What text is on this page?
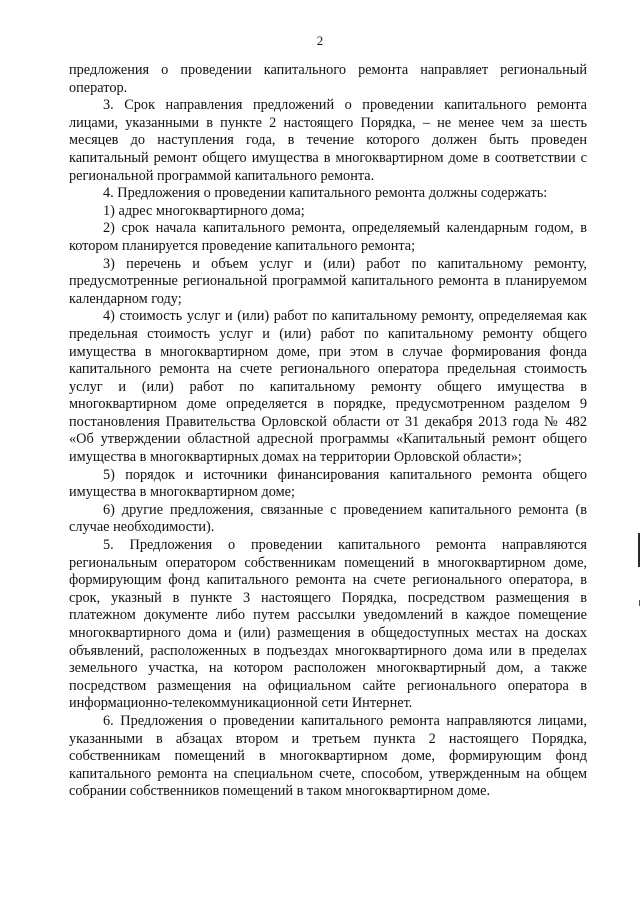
2

предложения о проведении капитального ремонта направляет региональный оператор.

3. Срок направления предложений о проведении капитального ремонта лицами, указанными в пункте 2 настоящего Порядка, – не менее чем за шесть месяцев до наступления года, в течение которого должен быть проведен капитальный ремонт общего имущества в многоквартирном доме в соответствии с региональной программой капитального ремонта.

4. Предложения о проведении капитального ремонта должны содержать:

1) адрес многоквартирного дома;

2) срок начала капитального ремонта, определяемый календарным годом, в котором планируется проведение капитального ремонта;

3) перечень и объем услуг и (или) работ по капитальному ремонту, предусмотренные региональной программой капитального ремонта в планируемом календарном году;

4) стоимость услуг и (или) работ по капитальному ремонту, определяемая как предельная стоимость услуг и (или) работ по капитальному ремонту общего имущества в многоквартирном доме, при этом в случае формирования фонда капитального ремонта на счете регионального оператора предельная стоимость услуг и (или) работ по капитальному ремонту общего имущества в многоквартирном доме определяется в порядке, предусмотренном разделом 9 постановления Правительства Орловской области от 31 декабря 2013 года № 482 «Об утверждении областной адресной программы «Капитальный ремонт общего имущества в многоквартирных домах на территории Орловской области»;

5) порядок и источники финансирования капитального ремонта общего имущества в многоквартирном доме;

6) другие предложения, связанные с проведением капитального ремонта (в случае необходимости).

5. Предложения о проведении капитального ремонта направляются региональным оператором собственникам помещений в многоквартирном доме, формирующим фонд капитального ремонта на счете регионального оператора, в срок, указный в пункте 3 настоящего Порядка, посредством размещения в платежном документе либо путем рассылки уведомлений в каждое помещение многоквартирного дома и (или) размещения в общедоступных местах на досках объявлений, расположенных в подъездах многоквартирного дома или в пределах земельного участка, на котором расположен многоквартирный дом, а также посредством размещения на официальном сайте регионального оператора в информационно-телекоммуникационной сети Интернет.

6. Предложения о проведении капитального ремонта направляются лицами, указанными в абзацах втором и третьем пункта 2 настоящего Порядка, собственникам помещений в многоквартирном доме, формирующим фонд капитального ремонта на специальном счете, способом, утвержденным на общем собрании собственников помещений в таком многоквартирном доме.
